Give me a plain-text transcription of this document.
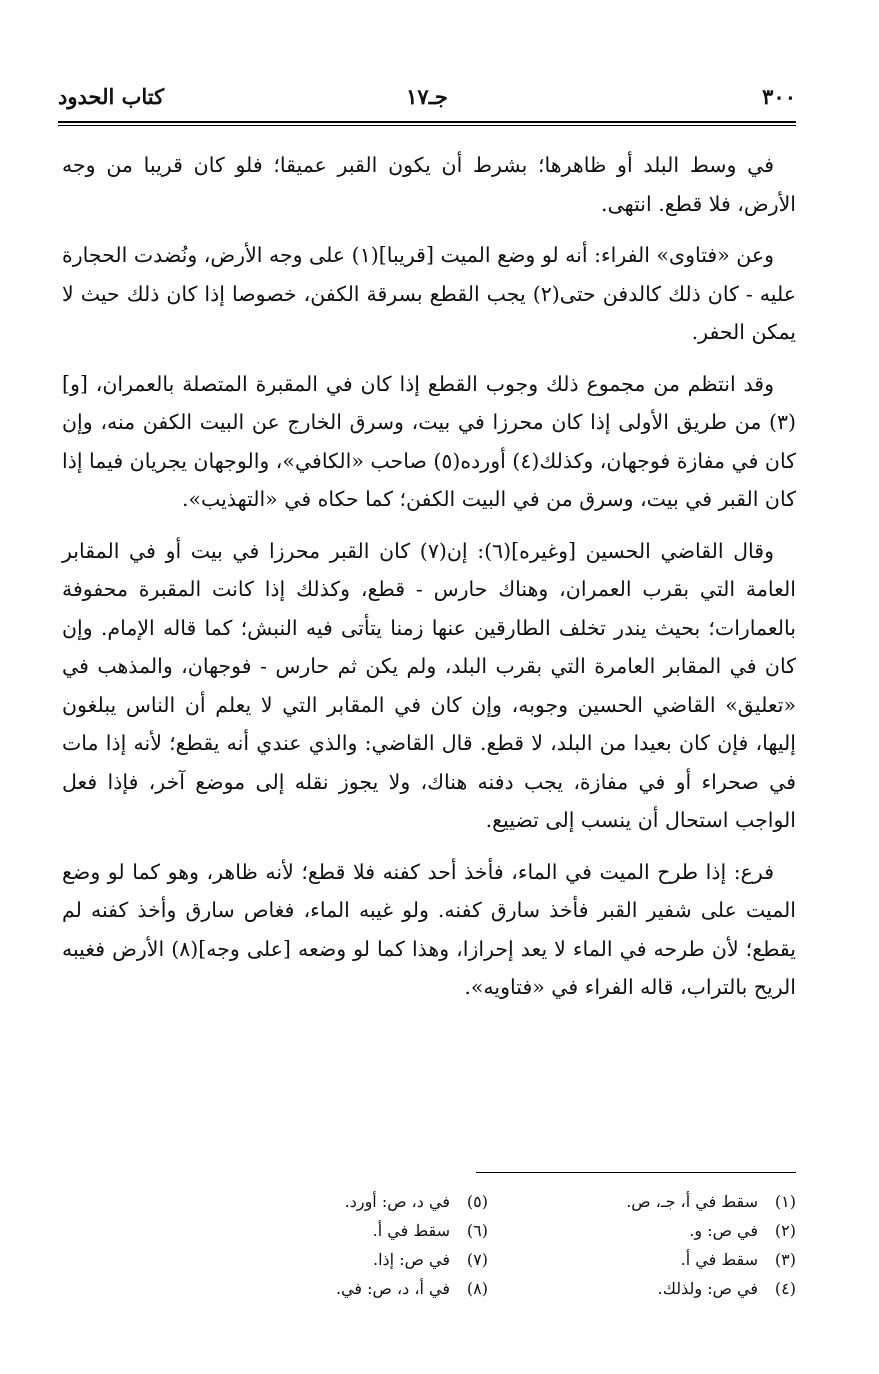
٣٠٠
جـ١٧
كتاب الحدود

في وسط البلد أو ظاهرها؛ بشرط أن يكون القبر عميقا؛ فلو كان قريبا من وجه الأرض، فلا قطع. انتهى.

وعن «فتاوى» الفراء: أنه لو وضع الميت [قريبا](١) على وجه الأرض، ونُضدت الحجارة عليه - كان ذلك كالدفن حتى(٢) يجب القطع بسرقة الكفن، خصوصا إذا كان ذلك حيث لا يمكن الحفر.

وقد انتظم من مجموع ذلك وجوب القطع إذا كان في المقبرة المتصلة بالعمران، [و](٣) من طريق الأولى إذا كان محرزا في بيت، وسرق الخارج عن البيت الكفن منه، وإن كان في مفازة فوجهان، وكذلك(٤) أورده(٥) صاحب «الكافي»، والوجهان يجريان فيما إذا كان القبر في بيت، وسرق من في البيت الكفن؛ كما حكاه في «التهذيب».

وقال القاضي الحسين [وغيره](٦): إن(٧) كان القبر محرزا في بيت أو في المقابر العامة التي بقرب العمران، وهناك حارس - قطع، وكذلك إذا كانت المقبرة محفوفة بالعمارات؛ بحيث يندر تخلف الطارقين عنها زمنا يتأتى فيه النبش؛ كما قاله الإمام. وإن كان في المقابر العامرة التي بقرب البلد، ولم يكن ثم حارس - فوجهان، والمذهب في «تعليق» القاضي الحسين وجوبه، وإن كان في المقابر التي لا يعلم أن الناس يبلغون إليها، فإن كان بعيدا من البلد، لا قطع. قال القاضي: والذي عندي أنه يقطع؛ لأنه إذا مات في صحراء أو في مفازة، يجب دفنه هناك، ولا يجوز نقله إلى موضع آخر، فإذا فعل الواجب استحال أن ينسب إلى تضييع.

فرع: إذا طرح الميت في الماء، فأخذ أحد كفنه فلا قطع؛ لأنه ظاهر، وهو كما لو وضع الميت على شفير القبر فأخذ سارق كفنه. ولو غيبه الماء، فغاص سارق وأخذ كفنه لم يقطع؛ لأن طرحه في الماء لا يعد إحرازا، وهذا كما لو وضعه [على وجه](٨) الأرض فغيبه الريح بالتراب، قاله الفراء في «فتاويه».

(١)سقط في أ، جـ، ص.
(٢)في ص: و.
(٣)سقط في أ.
(٤)في ص: ولذلك.
(٥)في د، ص: أورد.
(٦)سقط في أ.
(٧)في ص: إذا.
(٨)في أ، د، ص: في.
